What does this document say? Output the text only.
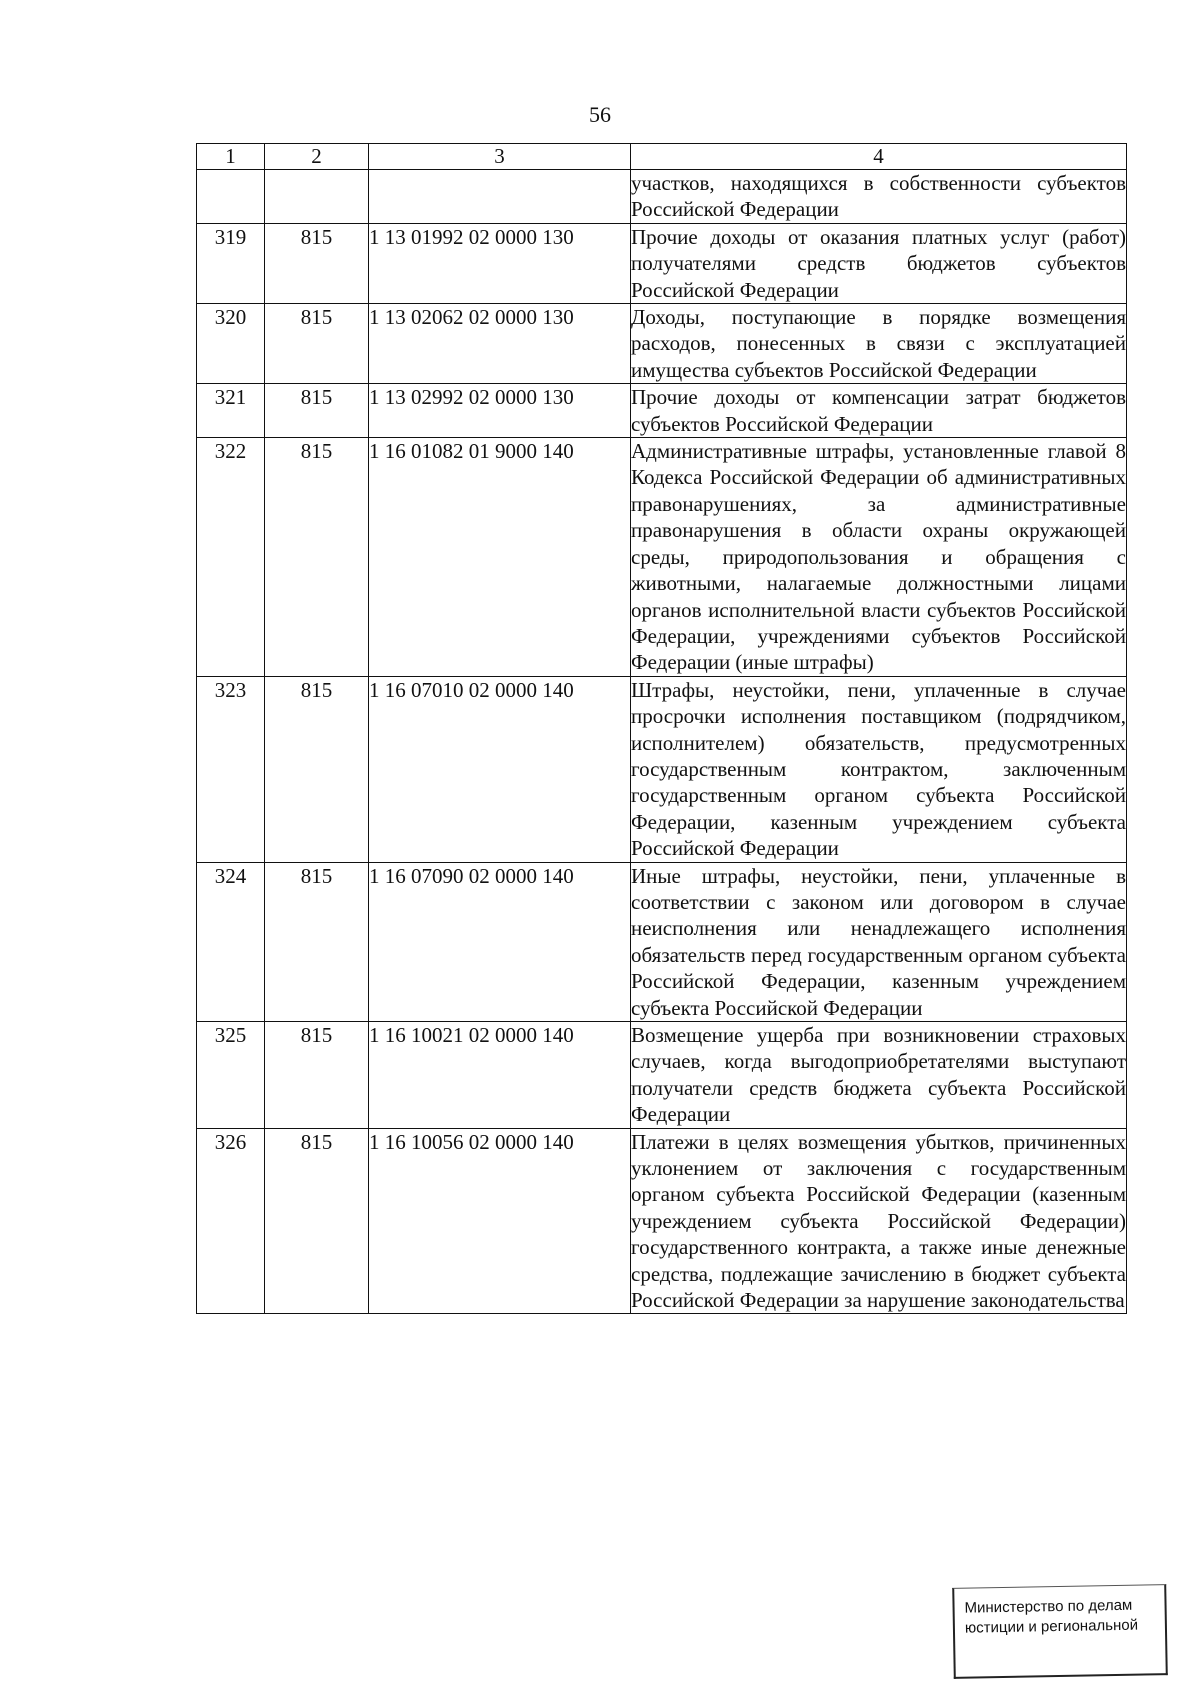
56
1	2	3	4
			участков, находящихся в собственности субъектов Российской Федерации
319	815	1 13 01992 02 0000 130	Прочие доходы от оказания платных услуг (работ) получателями средств бюджетов субъектов Российской Федерации
320	815	1 13 02062 02 0000 130	Доходы, поступающие в порядке возмещения расходов, понесенных в связи с эксплуатацией имущества субъектов Российской Федерации
321	815	1 13 02992 02 0000 130	Прочие доходы от компенсации затрат бюджетов субъектов Российской Федерации
322	815	1 16 01082 01 9000 140	Административные штрафы, установленные главой 8 Кодекса Российской Федерации об административных правонарушениях, за административные правонарушения в области охраны окружающей среды, природопользования и обращения с животными, налагаемые должностными лицами органов исполнительной власти субъектов Российской Федерации, учреждениями субъектов Российской Федерации (иные штрафы)
323	815	1 16 07010 02 0000 140	Штрафы, неустойки, пени, уплаченные в случае просрочки исполнения поставщиком (подрядчиком, исполнителем) обязательств, предусмотренных государственным контрактом, заключенным государственным органом субъекта Российской Федерации, казенным учреждением субъекта Российской Федерации
324	815	1 16 07090 02 0000 140	Иные штрафы, неустойки, пени, уплаченные в соответствии с законом или договором в случае неисполнения или ненадлежащего исполнения обязательств перед государственным органом субъекта Российской Федерации, казенным учреждением субъекта Российской Федерации
325	815	1 16 10021 02 0000 140	Возмещение ущерба при возникновении страховых случаев, когда выгодоприобретателями выступают получатели средств бюджета субъекта Российской Федерации
326	815	1 16 10056 02 0000 140	Платежи в целях возмещения убытков, причиненных уклонением от заключения с государственным органом субъекта Российской Федерации (казенным учреждением субъекта Российской Федерации) государственного контракта, а также иные денежные средства, подлежащие зачислению в бюджет субъекта Российской Федерации за нарушение законодательства
Министерство по делам
юстиции и региональной
